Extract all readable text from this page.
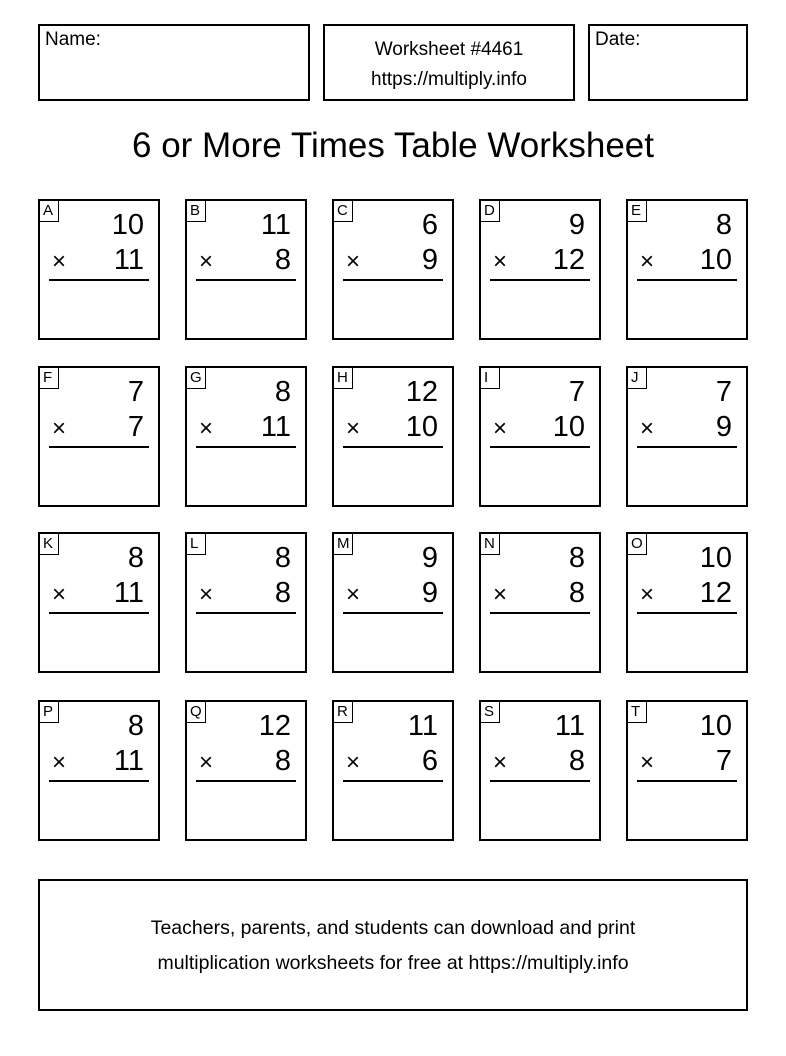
Name:	Worksheet #4461
https://multiply.info
Date:
6 or More Times Table Worksheet
A 10
× 11
B 11
× 8
C	6
× 9
D	9
× 12
E	8
× 10
F	7
× 7
G	8
× 11
H 12
× 10
I	7
× 10
J	7
× 9
K	8
× 11
L	8
× 8
M 9
× 9
N	8
× 8
O 10
× 12
P	8
× 11
Q 12
× 8
R 11
× 6
S 11
× 8
T 10
× 7
Teachers, parents, and students can download and print
multiplication worksheets for free at https://multiply.info
